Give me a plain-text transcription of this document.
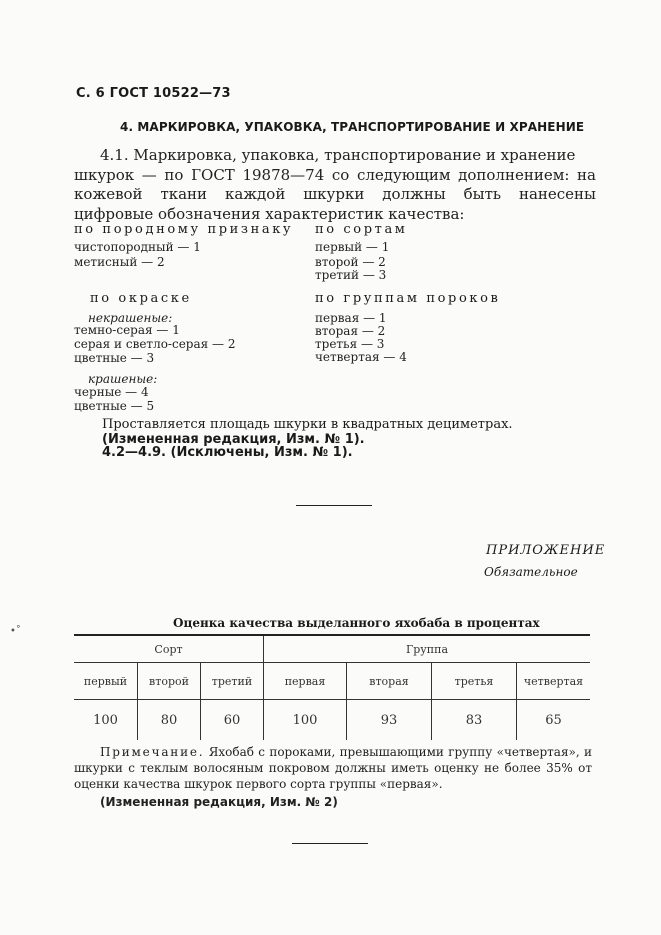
С. 6 ГОСТ 10522—73
4. МАРКИРОВКА, УПАКОВКА, ТРАНСПОРТИРОВАНИЕ И ХРАНЕНИЕ

4.1. Маркировка, упаковка, транспортирование и хранение

шкурок — по ГОСТ 19878—74 со следующим дополнением: на кожевой ткани каждой шкурки должны быть нанесены цифровые обозначения характеристик качества:

по породному признаку
чистопородный — 1
метисный — 2
по сортам
первый — 1
второй — 2
третий — 3
по окраске
некрашеные:
темно-серая — 1
серая и светло-серая — 2
цветные — 3
крашеные:
черные — 4
цветные — 5
по группам пороков
первая — 1
вторая — 2
третья — 3
четвертая — 4
Проставляется площадь шкурки в квадратных дециметрах.
(Измененная редакция, Изм. № 1).
4.2—4.9. (Исключены, Изм. № 1).
ПРИЛОЖЕНИЕ
Обязательное
•˚
Оценка качества выделанного яхобаба в процентах
Сорт			Группа			
первый	второй	третий	первая	вторая	третья	четвертая
100	80	60	100	93	83	65

Примечание. Яхобаб с пороками, превышающими группу «четвертая», и шкурки с теклым волосяным покровом должны иметь оценку не более 35% от оценки качества шкурок первого сорта группы «первая».

(Измененная редакция, Изм. № 2)
